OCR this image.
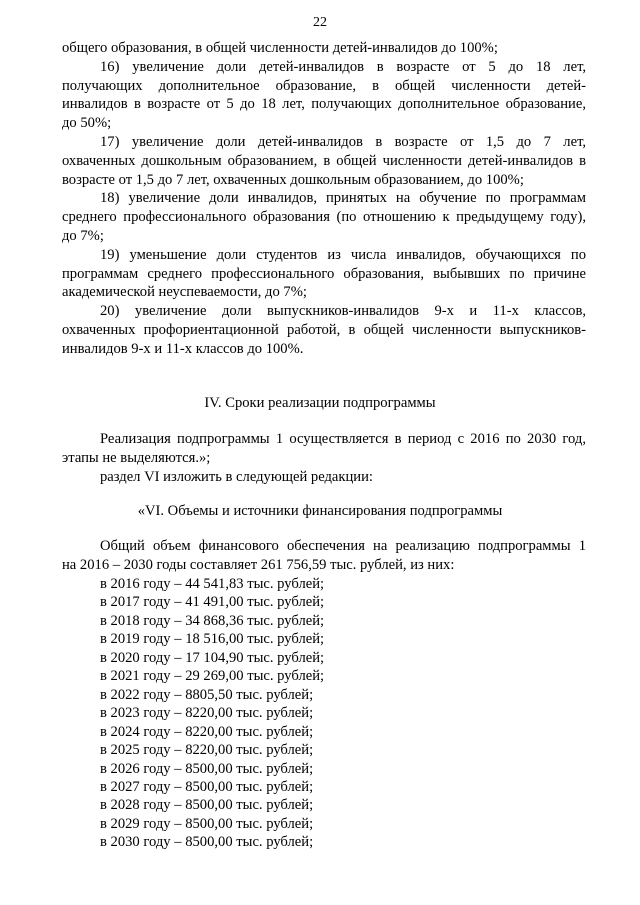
22
общего образования, в общей численности детей-инвалидов до 100%;
16) увеличение доли детей-инвалидов в возрасте от 5 до 18 лет,
получающих дополнительное образование, в общей численности детей-
инвалидов в возрасте от 5 до 18 лет, получающих дополнительное образование,
до 50%;
17) увеличение доли детей-инвалидов в возрасте от 1,5 до 7 лет,
охваченных дошкольным образованием, в общей численности детей-инвалидов в
возрасте от 1,5 до 7 лет, охваченных дошкольным образованием, до 100%;
18) увеличение доли инвалидов, принятых на обучение по программам
среднего профессионального образования (по отношению к предыдущему году),
до 7%;
19) уменьшение доли студентов из числа инвалидов, обучающихся по
программам среднего профессионального образования, выбывших по причине
академической неуспеваемости, до 7%;
20) увеличение доли выпускников-инвалидов 9-х и 11-х классов,
охваченных профориентационной работой, в общей численности выпускников-
инвалидов 9-х и 11-х классов до 100%.
IV. Сроки реализации подпрограммы
Реализация подпрограммы 1 осуществляется в период с 2016 по 2030 год,
этапы не выделяются.»;
раздел VI изложить в следующей редакции:
«VI. Объемы и источники финансирования подпрограммы
Общий объем финансового обеспечения на реализацию подпрограммы 1
на 2016 – 2030 годы составляет 261 756,59 тыс. рублей, из них:
в 2016 году – 44 541,83 тыс. рублей;
в 2017 году – 41 491,00 тыс. рублей;
в 2018 году – 34 868,36 тыс. рублей;
в 2019 году – 18 516,00 тыс. рублей;
в 2020 году – 17 104,90 тыс. рублей;
в 2021 году – 29 269,00 тыс. рублей;
в 2022 году – 8805,50 тыс. рублей;
в 2023 году – 8220,00 тыс. рублей;
в 2024 году – 8220,00 тыс. рублей;
в 2025 году – 8220,00 тыс. рублей;
в 2026 году – 8500,00 тыс. рублей;
в 2027 году – 8500,00 тыс. рублей;
в 2028 году – 8500,00 тыс. рублей;
в 2029 году – 8500,00 тыс. рублей;
в 2030 году – 8500,00 тыс. рублей;
